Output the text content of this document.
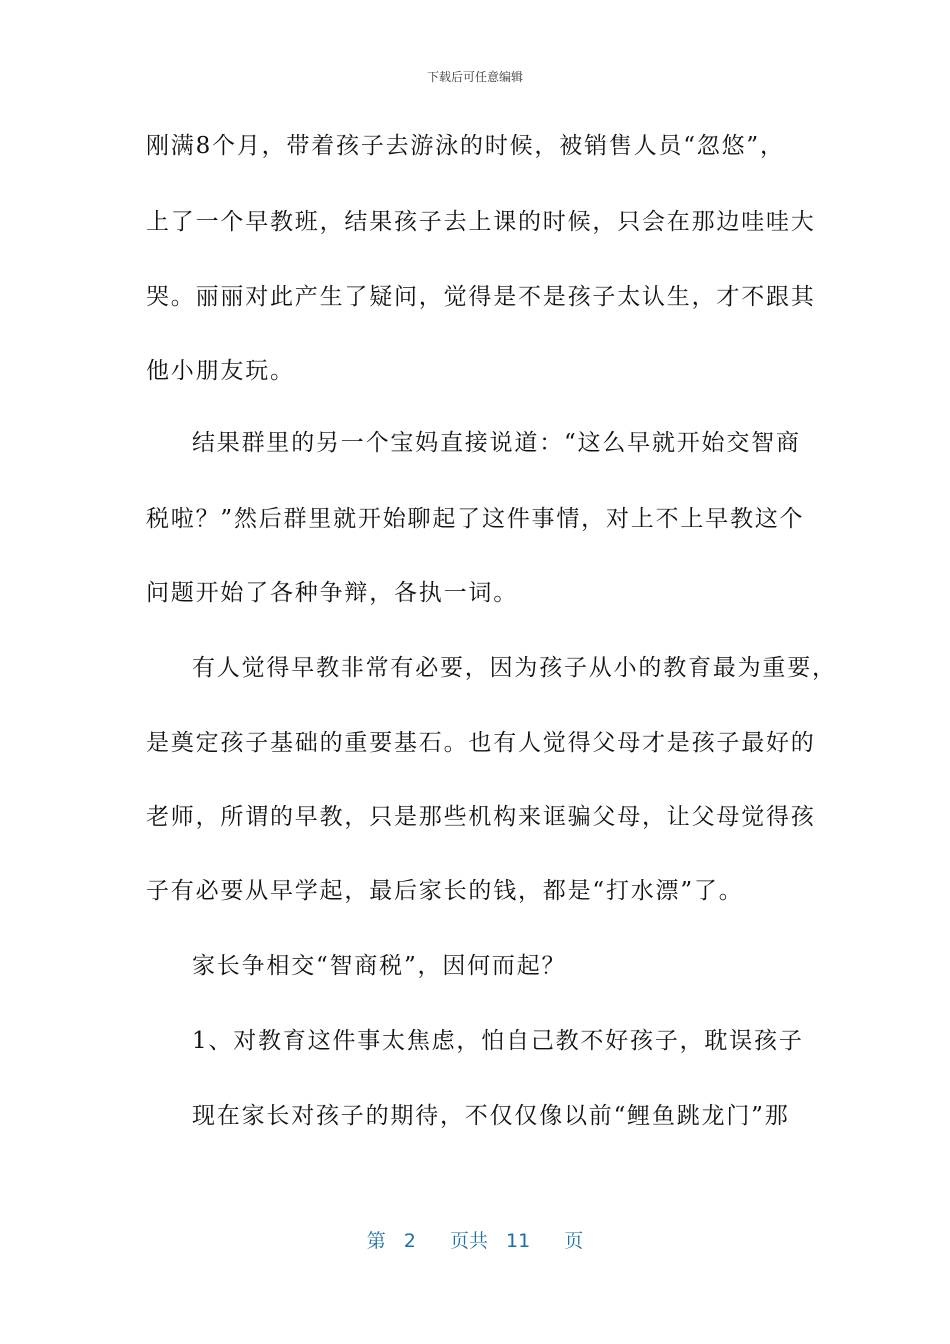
下载后可任意编辑
刚满8个月，带着孩子去游泳的时候，被销售人员“忽悠”，
上了一个早教班，结果孩子去上课的时候，只会在那边哇哇大
哭。丽丽对此产生了疑问，觉得是不是孩子太认生，才不跟其
他小朋友玩。
结果群里的另一个宝妈直接说道：“这么早就开始交智商
税啦？”然后群里就开始聊起了这件事情，对上不上早教这个
问题开始了各种争辩，各执一词。
有人觉得早教非常有必要，因为孩子从小的教育最为重要，
是奠定孩子基础的重要基石。也有人觉得父母才是孩子最好的
老师，所谓的早教，只是那些机构来诓骗父母，让父母觉得孩
子有必要从早学起，最后家长的钱，都是“打水漂”了。
家长争相交“智商税”，因何而起？
1、对教育这件事太焦虑，怕自己教不好孩子，耽误孩子
现在家长对孩子的期待，不仅仅像以前“鲤鱼跳龙门”那
第 2 页共 11 页
